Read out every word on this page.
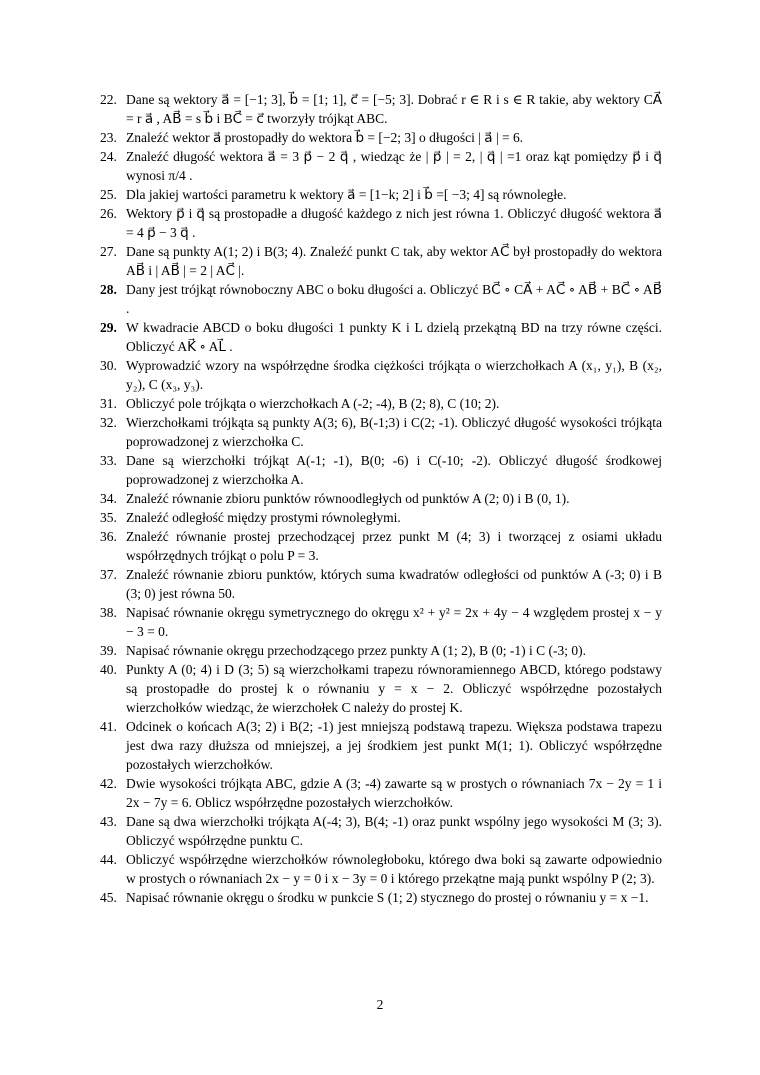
22. Dane są wektory a⃗ = [−1; 3], b⃗ = [1; 1], c⃗ = [−5; 3]. Dobrać r ∈ R i s ∈ R takie, aby wektory CA⃗ = r a⃗ , AB⃗ = s b⃗ i BC⃗ = c⃗ tworzyły trójkąt ABC.
23. Znaleźć wektor a⃗ prostopadły do wektora b⃗ = [−2; 3] o długości | a⃗ | = 6.
24. Znaleźć długość wektora a⃗ = 3 p⃗ − 2 q⃗ , wiedząc że | p⃗ | = 2, | q⃗ | =1 oraz kąt pomiędzy p⃗ i q⃗ wynosi π/4 .
25. Dla jakiej wartości parametru k wektory a⃗ = [1−k; 2] i b⃗ =[ −3; 4] są równoległe.
26. Wektory p⃗ i q⃗ są prostopadłe a długość każdego z nich jest równa 1. Obliczyć długość wektora a⃗ = 4 p⃗ − 3 q⃗ .
27. Dane są punkty A(1; 2) i B(3; 4). Znaleźć punkt C tak, aby wektor AC⃗ był prostopadły do wektora AB⃗ i | AB⃗ | = 2 | AC⃗ |.
28. Dany jest trójkąt równoboczny ABC o boku długości a. Obliczyć BC⃗ ∘ CA⃗ + AC⃗ ∘ AB⃗ + BC⃗ ∘ AB⃗ .
29. W kwadracie ABCD o boku długości 1 punkty K i L dzielą przekątną BD na trzy równe części. Obliczyć AK⃗ ∘ AL⃗ .
30. Wyprowadzić wzory na współrzędne środka ciężkości trójkąta o wierzchołkach A (x₁, y₁), B (x₂, y₂), C (x₃, y₃).
31. Obliczyć pole trójkąta o wierzchołkach A (-2; -4), B (2; 8), C (10; 2).
32. Wierzchołkami trójkąta są punkty A(3; 6), B(-1;3) i C(2; -1). Obliczyć długość wysokości trójkąta poprowadzonej z wierzchołka C.
33. Dane są wierzchołki trójkąt A(-1; -1), B(0; -6) i C(-10; -2). Obliczyć długość środkowej poprowadzonej z wierzchołka A.
34. Znaleźć równanie zbioru punktów równoodległych od punktów A (2; 0) i B (0, 1).
35. Znaleźć odległość między prostymi równoległymi.
36. Znaleźć równanie prostej przechodzącej przez punkt M (4; 3) i tworzącej z osiami układu współrzędnych trójkąt o polu P = 3.
37. Znaleźć równanie zbioru punktów, których suma kwadratów odległości od punktów A (-3; 0) i B (3; 0) jest równa 50.
38. Napisać równanie okręgu symetrycznego do okręgu x² + y² = 2x + 4y − 4 względem prostej x − y − 3 = 0.
39. Napisać równanie okręgu przechodzącego przez punkty A (1; 2), B (0; -1) i C (-3; 0).
40. Punkty A (0; 4) i D (3; 5) są wierzchołkami trapezu równoramiennego ABCD, którego podstawy są prostopadłe do prostej k o równaniu y = x − 2. Obliczyć współrzędne pozostałych wierzchołków wiedząc, że wierzchołek C należy do prostej K.
41. Odcinek o końcach A(3; 2) i B(2; -1) jest mniejszą podstawą trapezu. Większa podstawa trapezu jest dwa razy dłuższa od mniejszej, a jej środkiem jest punkt M(1; 1). Obliczyć współrzędne pozostałych wierzchołków.
42. Dwie wysokości trójkąta ABC, gdzie A (3; -4) zawarte są w prostych o równaniach 7x − 2y = 1 i 2x − 7y = 6. Oblicz współrzędne pozostałych wierzchołków.
43. Dane są dwa wierzchołki trójkąta A(-4; 3), B(4; -1) oraz punkt wspólny jego wysokości M (3; 3). Obliczyć współrzędne punktu C.
44. Obliczyć współrzędne wierzchołków równoległoboku, którego dwa boki są zawarte odpowiednio w prostych o równaniach 2x − y = 0 i x − 3y = 0 i którego przekątne mają punkt wspólny P (2; 3).
45. Napisać równanie okręgu o środku w punkcie S (1; 2) stycznego do prostej o równaniu y = x −1.
2
